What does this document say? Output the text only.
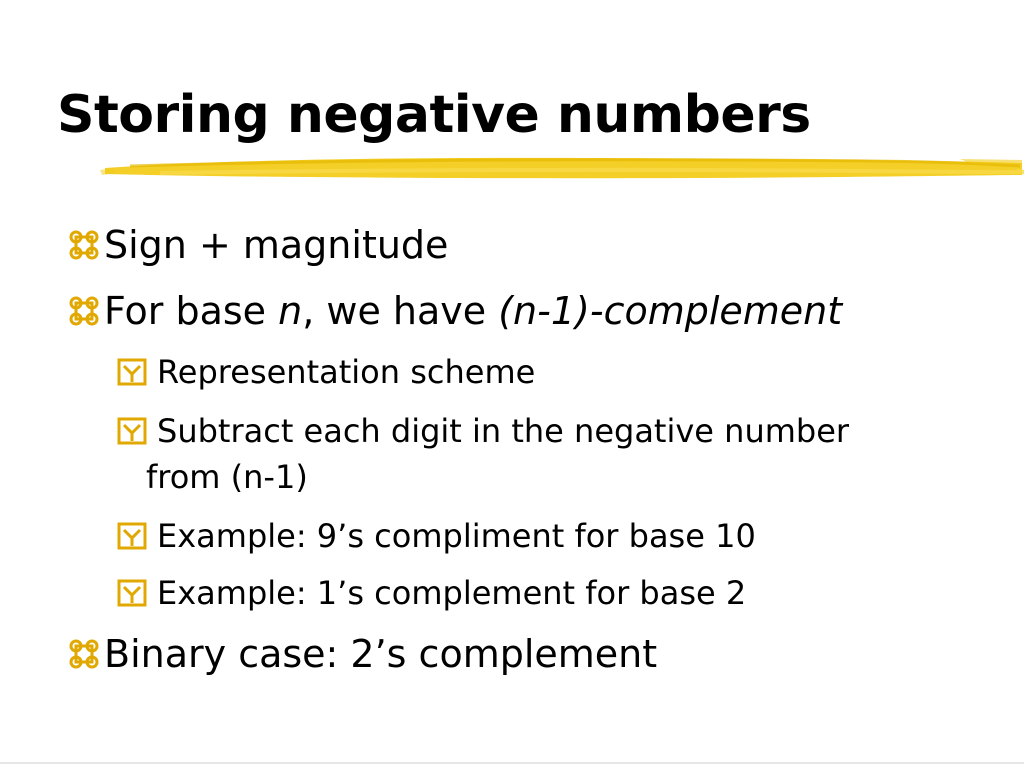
Storing negative numbers
Sign + magnitude
For base n, we have (n-1)-complement
Representation scheme
Subtract each digit in the negative number
from (n-1)
Example: 9’s compliment for base 10
Example: 1’s complement for base 2
Binary case: 2’s complement
